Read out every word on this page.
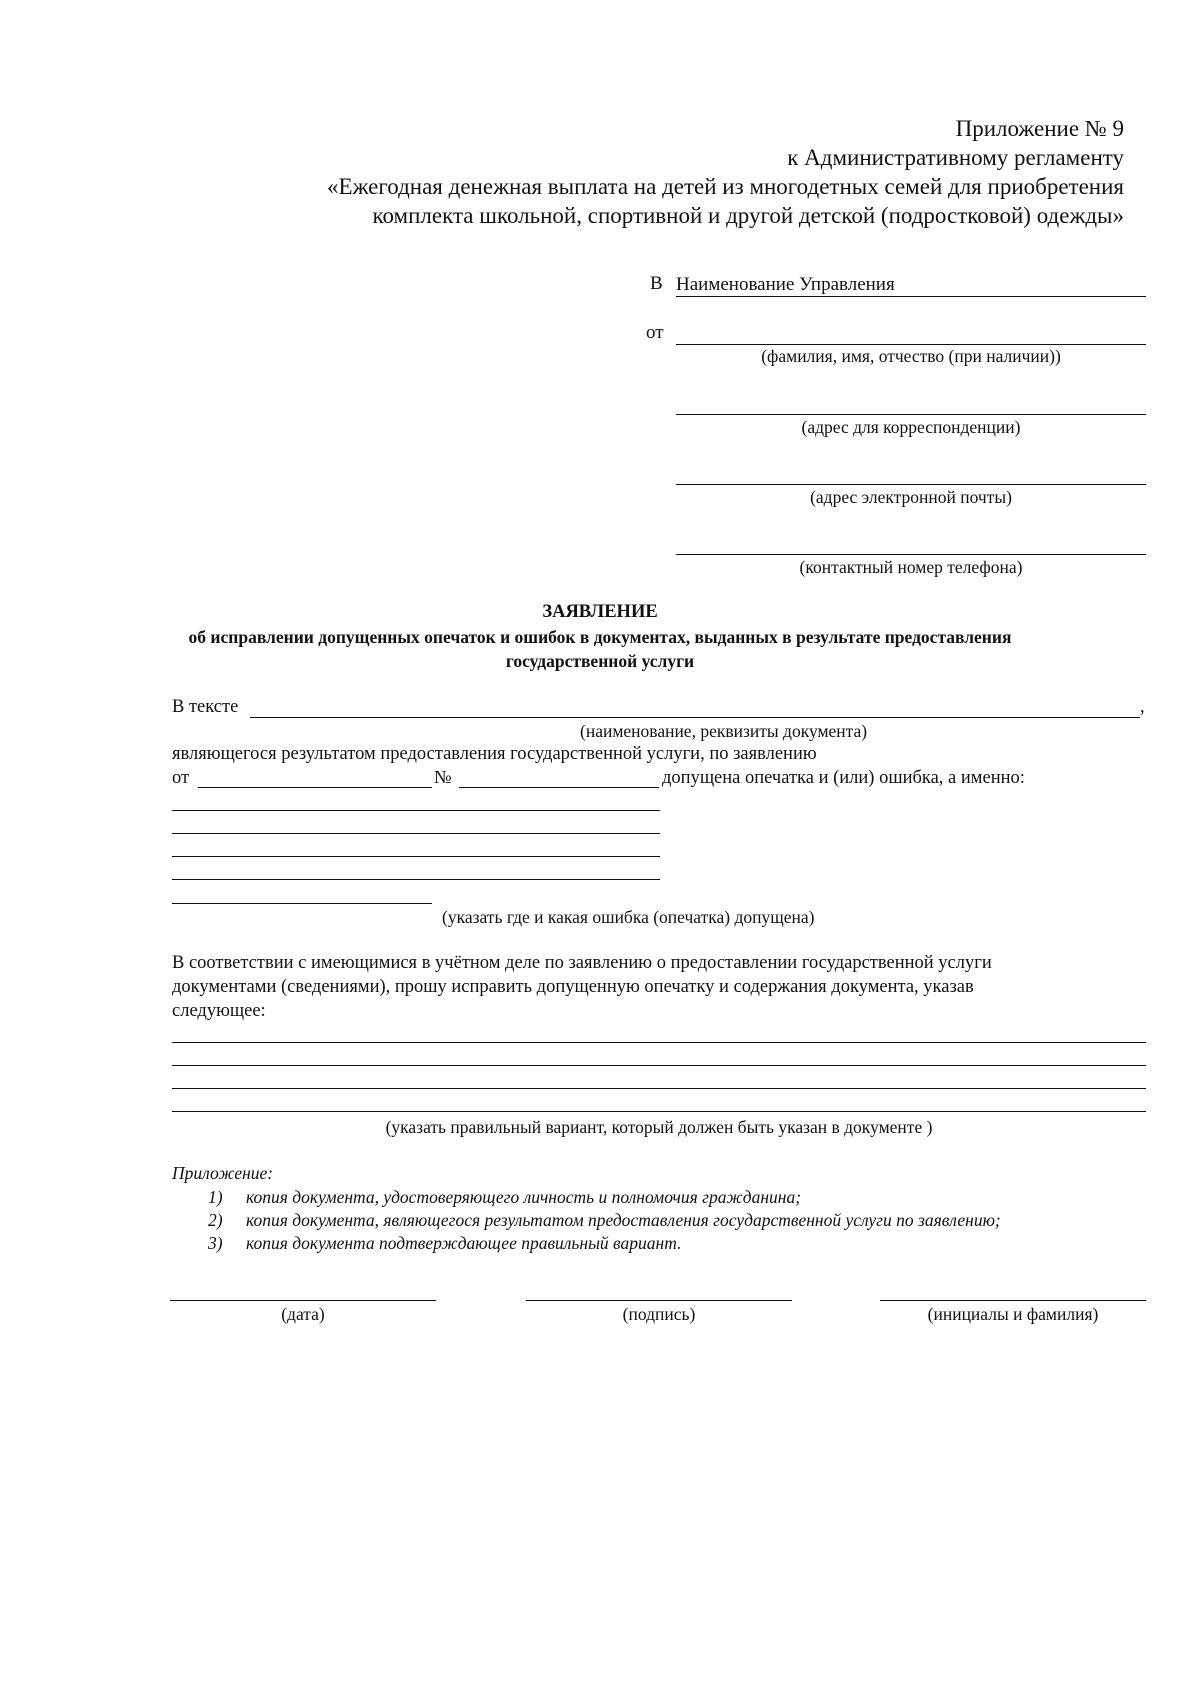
Приложение № 9
к Административному регламенту
«Ежегодная денежная выплата на детей из многодетных семей для приобретения
комплекта школьной, спортивной и другой детской (подростковой) одежды»
В Наименование Управления
от
(фамилия, имя, отчество (при наличии))
(адрес для корреспонденции)
(адрес электронной почты)
(контактный номер телефона)
ЗАЯВЛЕНИЕ
об исправлении допущенных опечаток и ошибок в документах, выданных в результате предоставления
государственной услуги
В тексте	,
(наименование, реквизиты документа)
являющегося результатом предоставления государственной услуги, по заявлению
от	№	допущена опечатка и (или) ошибка, а именно:
(указать где и какая ошибка (опечатка) допущена)
В соответствии с имеющимися в учётном деле по заявлению о предоставлении государственной услуги
документами (сведениями), прошу исправить допущенную опечатку и содержания документа, указав
следующее:
(указать правильный вариант, который должен быть указан в документе )
Приложение:
1) копия документа, удостоверяющего личность и полномочия гражданина;
2) копия документа, являющегося результатом предоставления государственной услуги по заявлению;
3) копия документа подтверждающее правильный вариант.
(дата)	(подпись)	(инициалы и фамилия)
